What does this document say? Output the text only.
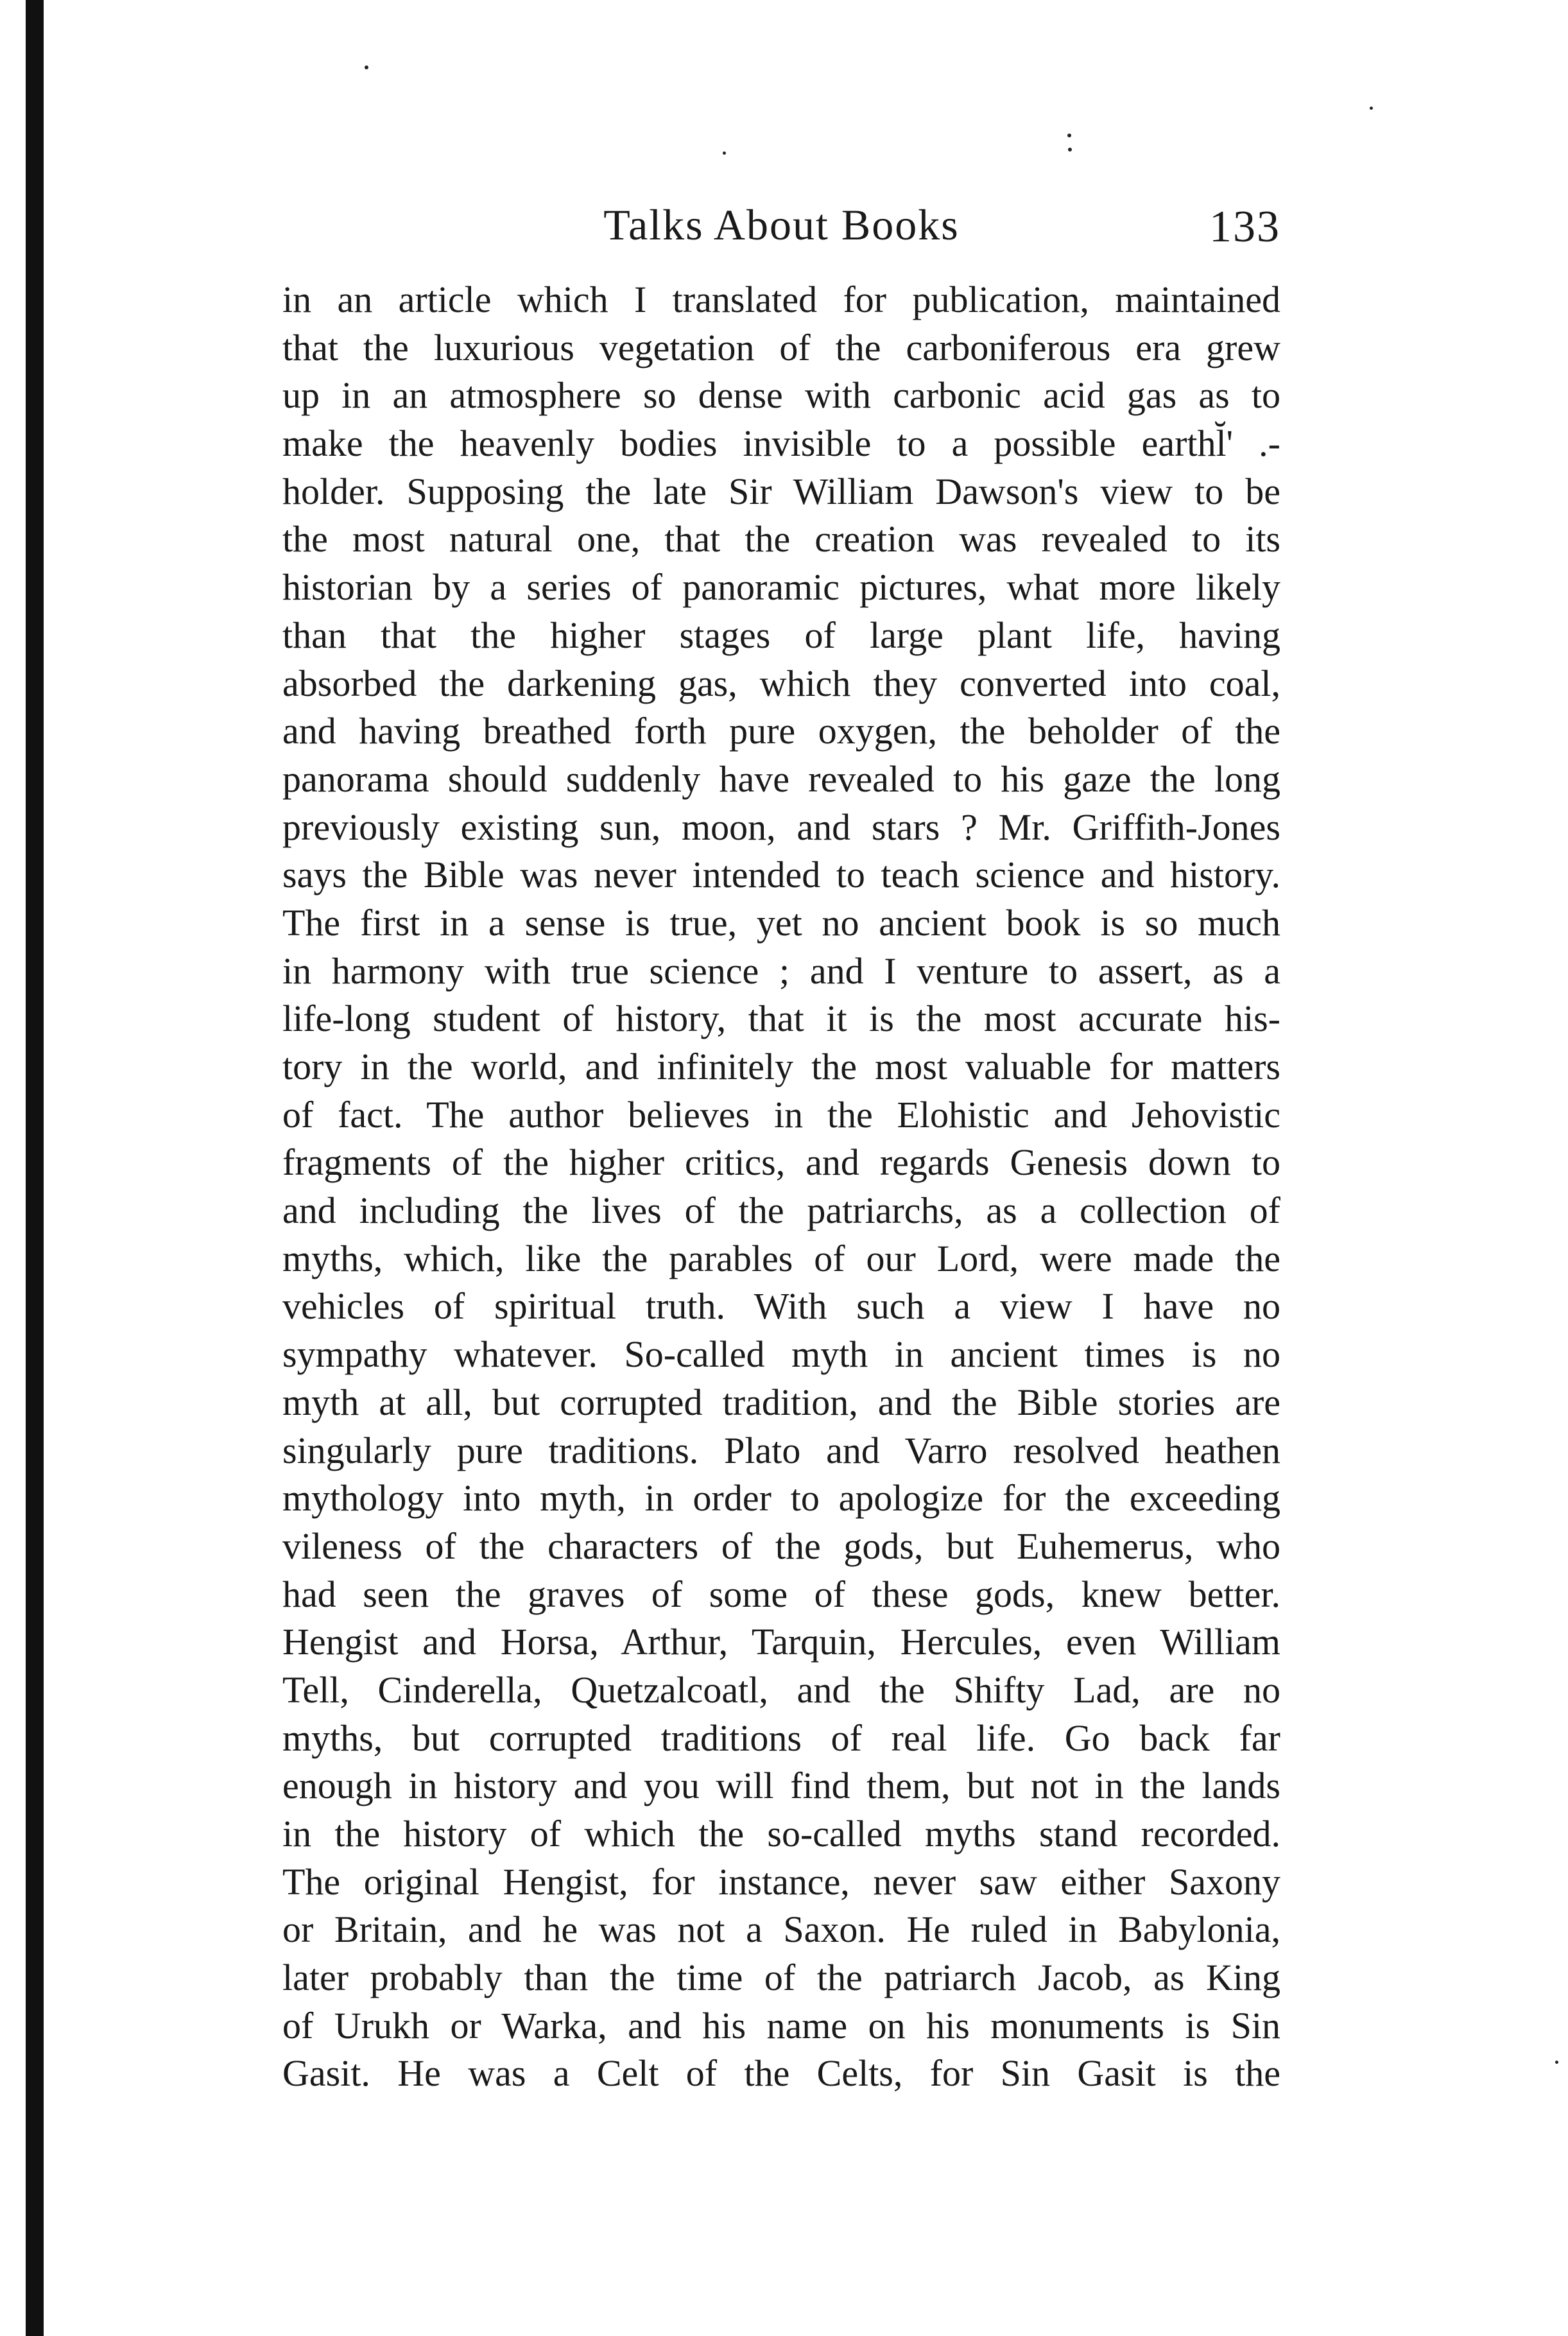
Talks About Books	133
in an article which I translated for publication, maintained
that the luxurious vegetation of the carboniferous era grew
up in an atmosphere so dense with carbonic acid gas as to
make the heavenly bodies invisible to a possible earthl̆' .-
holder. Supposing the late Sir William Dawson's view to be
the most natural one, that the creation was revealed to its
historian by a series of panoramic pictures, what more likely
than that the higher stages of large plant life, having
absorbed the darkening gas, which they converted into coal,
and having breathed forth pure oxygen, the beholder of the
panorama should suddenly have revealed to his gaze the long
previously existing sun, moon, and stars ? Mr. Griffith-Jones
says the Bible was never intended to teach science and history.
The first in a sense is true, yet no ancient book is so much
in harmony with true science ; and I venture to assert, as a
life-long student of history, that it is the most accurate his-
tory in the world, and infinitely the most valuable for matters
of fact. The author believes in the Elohistic and Jehovistic
fragments of the higher critics, and regards Genesis down to
and including the lives of the patriarchs, as a collection of
myths, which, like the parables of our Lord, were made the
vehicles of spiritual truth. With such a view I have no
sympathy whatever. So-called myth in ancient times is no
myth at all, but corrupted tradition, and the Bible stories are
singularly pure traditions. Plato and Varro resolved heathen
mythology into myth, in order to apologize for the exceeding
vileness of the characters of the gods, but Euhemerus, who
had seen the graves of some of these gods, knew better.
Hengist and Horsa, Arthur, Tarquin, Hercules, even William
Tell, Cinderella, Quetzalcoatl, and the Shifty Lad, are no
myths, but corrupted traditions of real life. Go back far
enough in history and you will find them, but not in the lands
in the history of which the so-called myths stand recorded.
The original Hengist, for instance, never saw either Saxony
or Britain, and he was not a Saxon. He ruled in Babylonia,
later probably than the time of the patriarch Jacob, as King
of Urukh or Warka, and his name on his monuments is Sin
Gasit. He was a Celt of the Celts, for Sin Gasit is the
